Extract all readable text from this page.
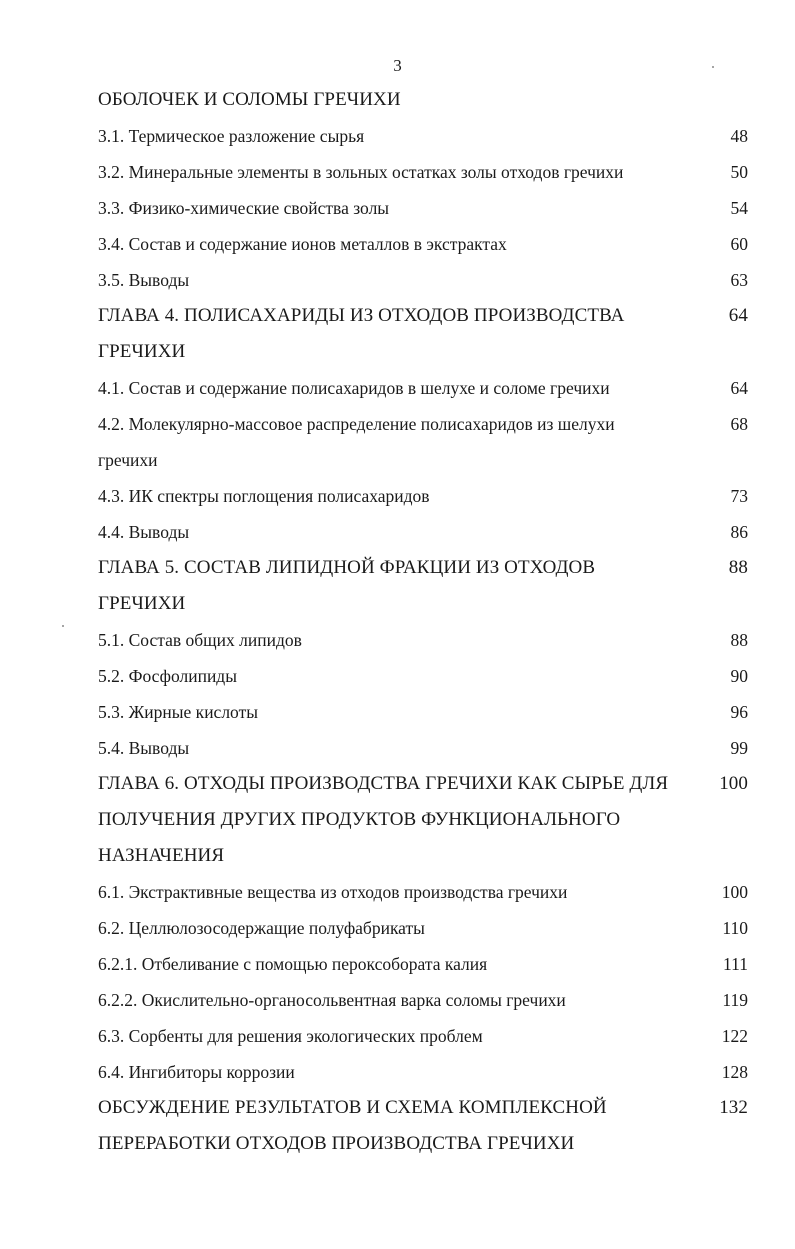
3
ОБОЛОЧЕК И СОЛОМЫ ГРЕЧИХИ
3.1. Термическое разложение сырья	48
3.2. Минеральные элементы в зольных остатках золы отходов гречихи	50
3.3. Физико-химические свойства золы	54
3.4. Состав и содержание ионов металлов в экстрактах	60
3.5. Выводы	63
ГЛАВА 4. ПОЛИСАХАРИДЫ ИЗ ОТХОДОВ ПРОИЗВОДСТВА	64
ГРЕЧИХИ
4.1. Состав и содержание полисахаридов в шелухе и соломе гречихи	64
4.2. Молекулярно-массовое распределение полисахаридов из шелухи	68
гречихи
4.3. ИК спектры поглощения полисахаридов	73
4.4. Выводы	86
ГЛАВА 5. СОСТАВ ЛИПИДНОЙ ФРАКЦИИ ИЗ ОТХОДОВ	88
ГРЕЧИХИ
5.1. Состав общих липидов	88
5.2. Фосфолипиды	90
5.3. Жирные кислоты	96
5.4. Выводы	99
ГЛАВА 6. ОТХОДЫ ПРОИЗВОДСТВА ГРЕЧИХИ КАК СЫРЬЕ ДЛЯ	100
ПОЛУЧЕНИЯ ДРУГИХ ПРОДУКТОВ ФУНКЦИОНАЛЬНОГО
НАЗНАЧЕНИЯ
6.1. Экстрактивные вещества из отходов производства гречихи	100
6.2. Целлюлозосодержащие полуфабрикаты	110
6.2.1. Отбеливание с помощью пероксобората калия	111
6.2.2. Окислительно-органосольвентная варка соломы гречихи	119
6.3. Сорбенты для решения экологических проблем	122
6.4. Ингибиторы коррозии	128
ОБСУЖДЕНИЕ РЕЗУЛЬТАТОВ И СХЕМА КОМПЛЕКСНОЙ	132
ПЕРЕРАБОТКИ ОТХОДОВ ПРОИЗВОДСТВА ГРЕЧИХИ
